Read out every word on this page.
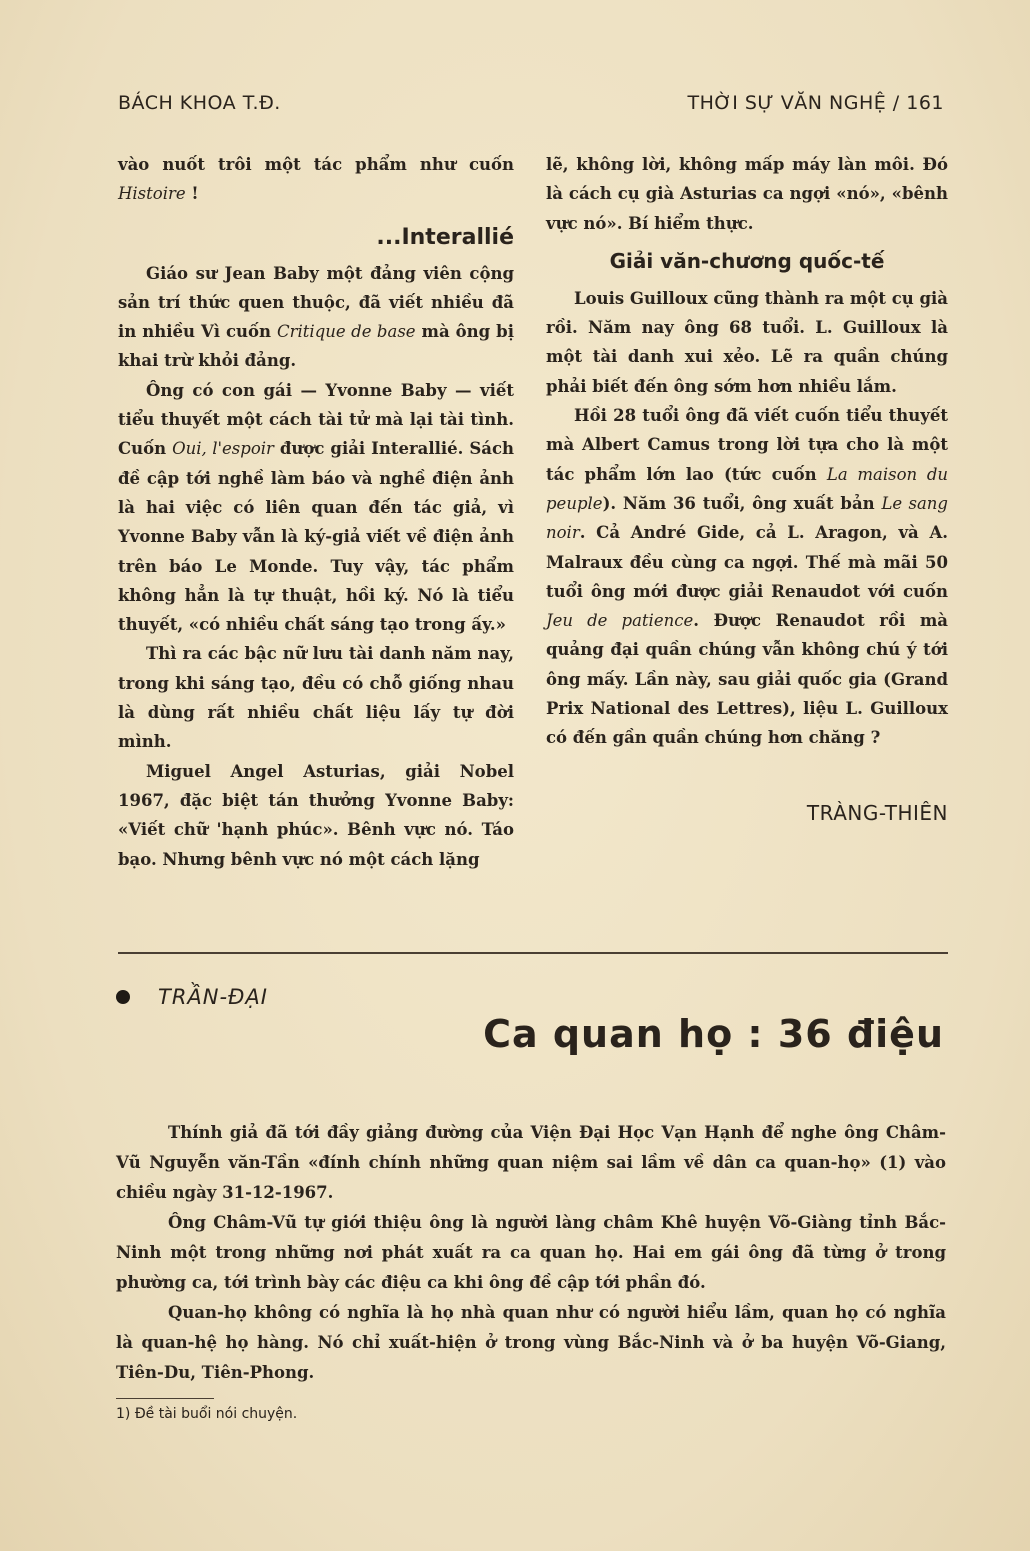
BÁCH KHOA T.Đ.	THỜI SỰ VĂN NGHỆ / 161

vào nuốt trôi một tác phẩm như cuốn Histoire !

...Interallié

Giáo sư Jean Baby một đảng viên cộng sản trí thức quen thuộc, đã viết nhiều đã in nhiều Vì cuốn Critique de base mà ông bị khai trừ khỏi đảng.

Ông có con gái — Yvonne Baby — viết tiểu thuyết một cách tài tử mà lại tài tình. Cuốn Oui, l'espoir được giải Interallié. Sách đề cập tới nghề làm báo và nghề điện ảnh là hai việc có liên quan đến tác giả, vì Yvonne Baby vẫn là ký-giả viết về điện ảnh trên báo Le Monde. Tuy vậy, tác phẩm không hẳn là tự thuật, hồi ký. Nó là tiểu thuyết, «có nhiều chất sáng tạo trong ấy.»

Thì ra các bậc nữ lưu tài danh năm nay, trong khi sáng tạo, đều có chỗ giống nhau là dùng rất nhiều chất liệu lấy tự đời mình.

Miguel Angel Asturias, giải Nobel 1967, đặc biệt tán thưởng Yvonne Baby: «Viết chữ 'hạnh phúc». Bênh vực nó. Táo bạo. Nhưng bênh vực nó một cách lặng

lẽ, không lời, không mấp máy làn môi. Đó là cách cụ già Asturias ca ngợi «nó», «bênh vực nó». Bí hiểm thực.

Giải văn-chương quốc-tế

Louis Guilloux cũng thành ra một cụ già rồi. Năm nay ông 68 tuổi. L. Guilloux là một tài danh xui xẻo. Lẽ ra quần chúng phải biết đến ông sớm hơn nhiều lắm.

Hồi 28 tuổi ông đã viết cuốn tiểu thuyết mà Albert Camus trong lời tựa cho là một tác phẩm lớn lao (tức cuốn La maison du peuple). Năm 36 tuổi, ông xuất bản Le sang noir. Cả André Gide, cả L. Aragon, và A. Malraux đều cùng ca ngợi. Thế mà mãi 50 tuổi ông mới được giải Renaudot với cuốn Jeu de patience. Được Renaudot rồi mà quảng đại quần chúng vẫn không chú ý tới ông mấy. Lần này, sau giải quốc gia (Grand Prix National des Lettres), liệu L. Guilloux có đến gần quần chúng hơn chăng ?

TRÀNG-THIÊN
TRẦN-ĐẠI
Ca quan họ : 36 điệu

Thính giả đã tới đầy giảng đường của Viện Đại Học Vạn Hạnh để nghe ông Châm-Vũ Nguyễn văn-Tần «đính chính những quan niệm sai lầm về dân ca quan-họ» (1) vào chiều ngày 31-12-1967.

Ông Châm-Vũ tự giới thiệu ông là người làng châm Khê huyện Võ-Giàng tỉnh Bắc-Ninh một trong những nơi phát xuất ra ca quan họ. Hai em gái ông đã từng ở trong phường ca, tới trình bày các điệu ca khi ông đề cập tới phần đó.

Quan-họ không có nghĩa là họ nhà quan như có người hiểu lầm, quan họ có nghĩa là quan-hệ họ hàng. Nó chỉ xuất-hiện ở trong vùng Bắc-Ninh và ở ba huyện Võ-Giang, Tiên-Du, Tiên-Phong.

1) Đề tài buổi nói chuyện.
